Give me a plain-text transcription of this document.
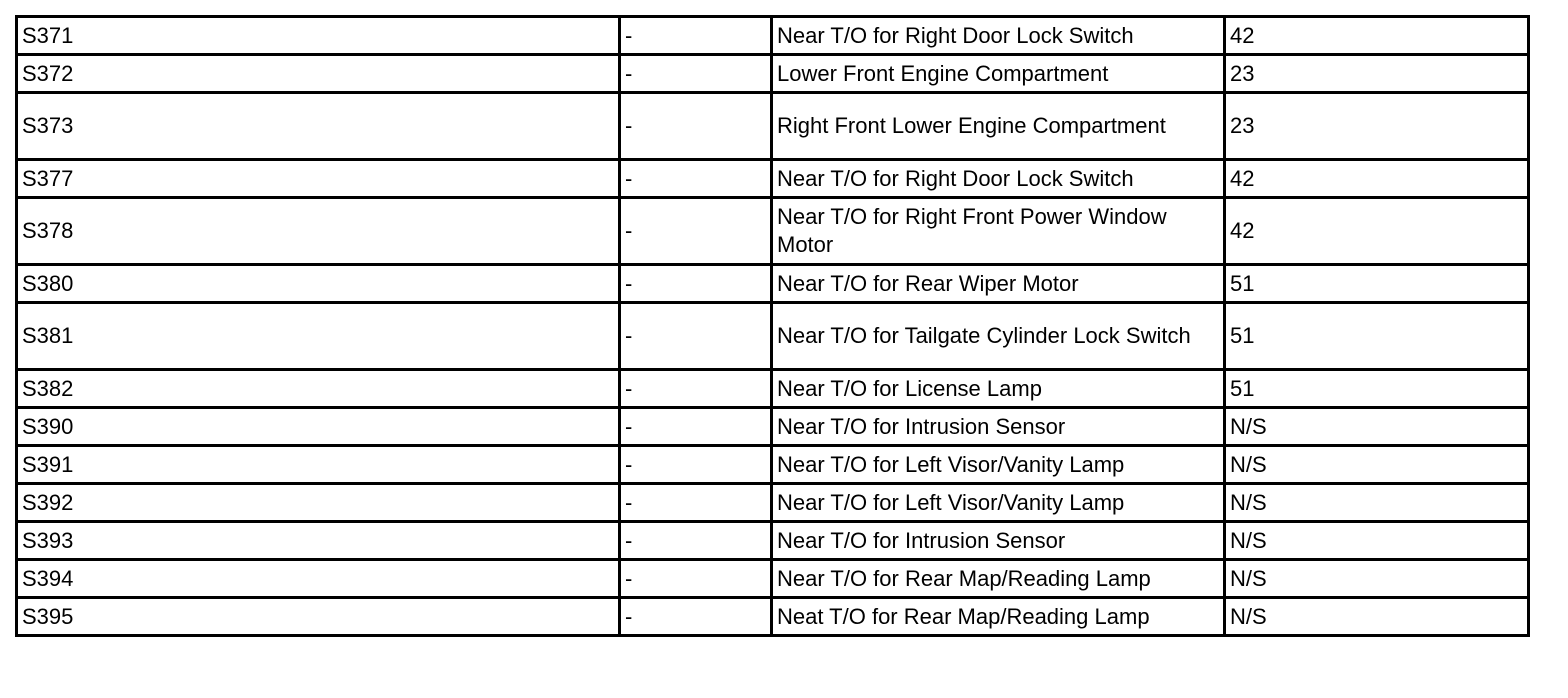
S371	-	Near T/O for Right Door Lock Switch	42
S372	-	Lower Front Engine Compartment	23
S373	-	Right Front Lower Engine Compartment	23
S377	-	Near T/O for Right Door Lock Switch	42
S378	-	Near T/O for Right Front Power Window Motor	42
S380	-	Near T/O for Rear Wiper Motor	51
S381	-	Near T/O for Tailgate Cylinder Lock Switch	51
S382	-	Near T/O for License Lamp	51
S390	-	Near T/O for Intrusion Sensor	N/S
S391	-	Near T/O for Left Visor/Vanity Lamp	N/S
S392	-	Near T/O for Left Visor/Vanity Lamp	N/S
S393	-	Near T/O for Intrusion Sensor	N/S
S394	-	Near T/O for Rear Map/Reading Lamp	N/S
S395	-	Neat T/O for Rear Map/Reading Lamp	N/S
